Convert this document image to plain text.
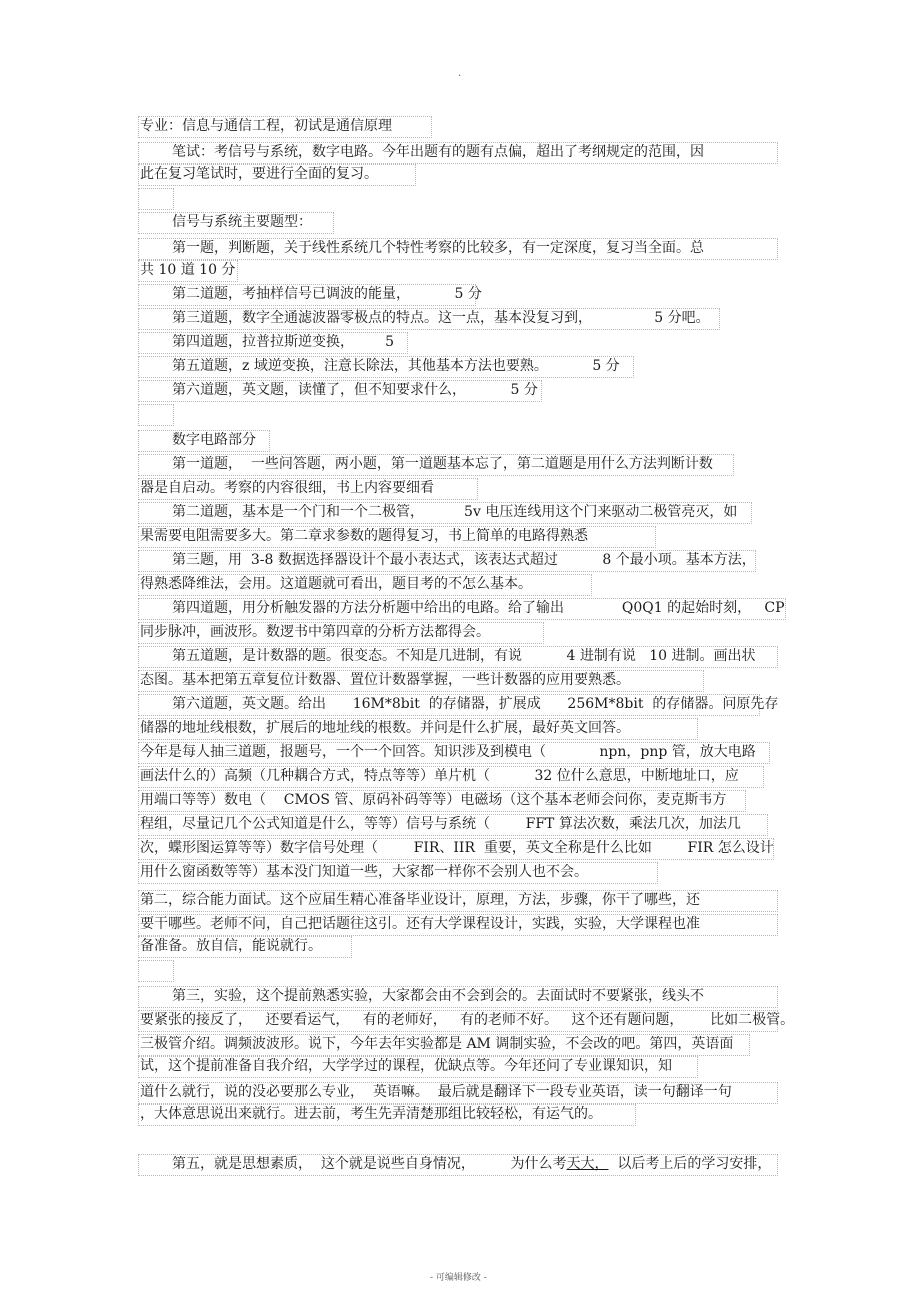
.
专业：信息与通信工程，初试是通信原理
笔试：考信号与系统，数字电路。今年出题有的题有点偏，超出了考纲规定的范围，因
此在复习笔试时，要进行全面的复习。
信号与系统主要题型：
第一题，判断题，关于线性系统几个特性考察的比较多，有一定深度，复习当全面。总
共 10 道 10 分
第二道题，考抽样信号已调波的能量，          5 分
第三道题，数字全通滤波器零极点的特点。这一点，基本没复习到，              5 分吧。
第四道题，拉普拉斯逆变换，       5
第五道题，z 域逆变换，注意长除法，其他基本方法也要熟。          5 分
第六道题，英文题，读懂了，但不知要求什么，          5 分
数字电路部分
第一道题，  一些问答题，两小题，第一道题基本忘了，第二道题是用什么方法判断计数
器是自启动。考察的内容很细，书上内容要细看
第二道题，基本是一个门和一个二极管，         5v 电压连线用这个门来驱动二极管亮灭，如
果需要电阻需要多大。第二章求参数的题得复习，书上简单的电路得熟悉
第三题，用  3-8 数据选择器设计个最小表达式，该表达式超过          8 个最小项。基本方法，
得熟悉降维法，会用。这道题就可看出，题目考的不怎么基本。
第四道题，用分析触发器的方法分析题中给出的电路。给了输出             Q0Q1 的起始时刻，   CP
同步脉冲，画波形。数逻书中第四章的分析方法都得会。
第五道题，是计数器的题。很变态。不知是几进制，有说          4 进制有说   10 进制。画出状
态图。基本把第五章复位计数器、置位计数器掌握，一些计数器的应用要熟悉。
第六道题，英文题。给出      16M*8bit  的存储器，扩展成      256M*8bit  的存储器。问原先存
储器的地址线根数，扩展后的地址线的根数。并问是什么扩展，最好英文回答。
今年是每人抽三道题，报题号，一个一个回答。知识涉及到模电（            npn，pnp 管，放大电路
画法什么的）高频（几种耦合方式，特点等等）单片机（          32 位什么意思，中断地址口，应
用端口等等）数电（    CMOS 管、原码补码等等）电磁场（这个基本老师会问你，麦克斯韦方
程组，尽量记几个公式知道是什么，等等）信号与系统（        FFT 算法次数，乘法几次，加法几
次，蝶形图运算等等）数字信号处理（        FIR、IIR  重要，英文全称是什么比如        FIR 怎么设计
用什么窗函数等等）基本没门知道一些，大家都一样你不会别人也不会。
第二，综合能力面试。这个应届生精心准备毕业设计，原理，方法，步骤，你干了哪些，还
要干哪些。老师不问，自己把话题往这引。还有大学课程设计，实践，实验，大学课程也准
备准备。放自信，能说就行。
第三，实验，这个提前熟悉实验，大家都会由不会到会的。去面试时不要紧张，线头不
要紧张的接反了，   还要看运气，   有的老师好，   有的老师不好。   这个还有题问题，      比如二极管。
三极管介绍。调频波波形。说下，今年去年实验都是 AM 调制实验，不会改的吧。第四，英语面
试，这个提前准备自我介绍，大学学过的课程，优缺点等。今年还问了专业课知识，知
道什么就行，说的没必要那么专业，  英语嘛。  最后就是翻译下一段专业英语，读一句翻译一句
，大体意思说出来就行。进去前，考生先弄清楚那组比较轻松，有运气的。
第五，就是思想素质，  这个就是说些自身情况，        为什么考天大，  以后考上后的学习安排，
- 可编辑修改 -
